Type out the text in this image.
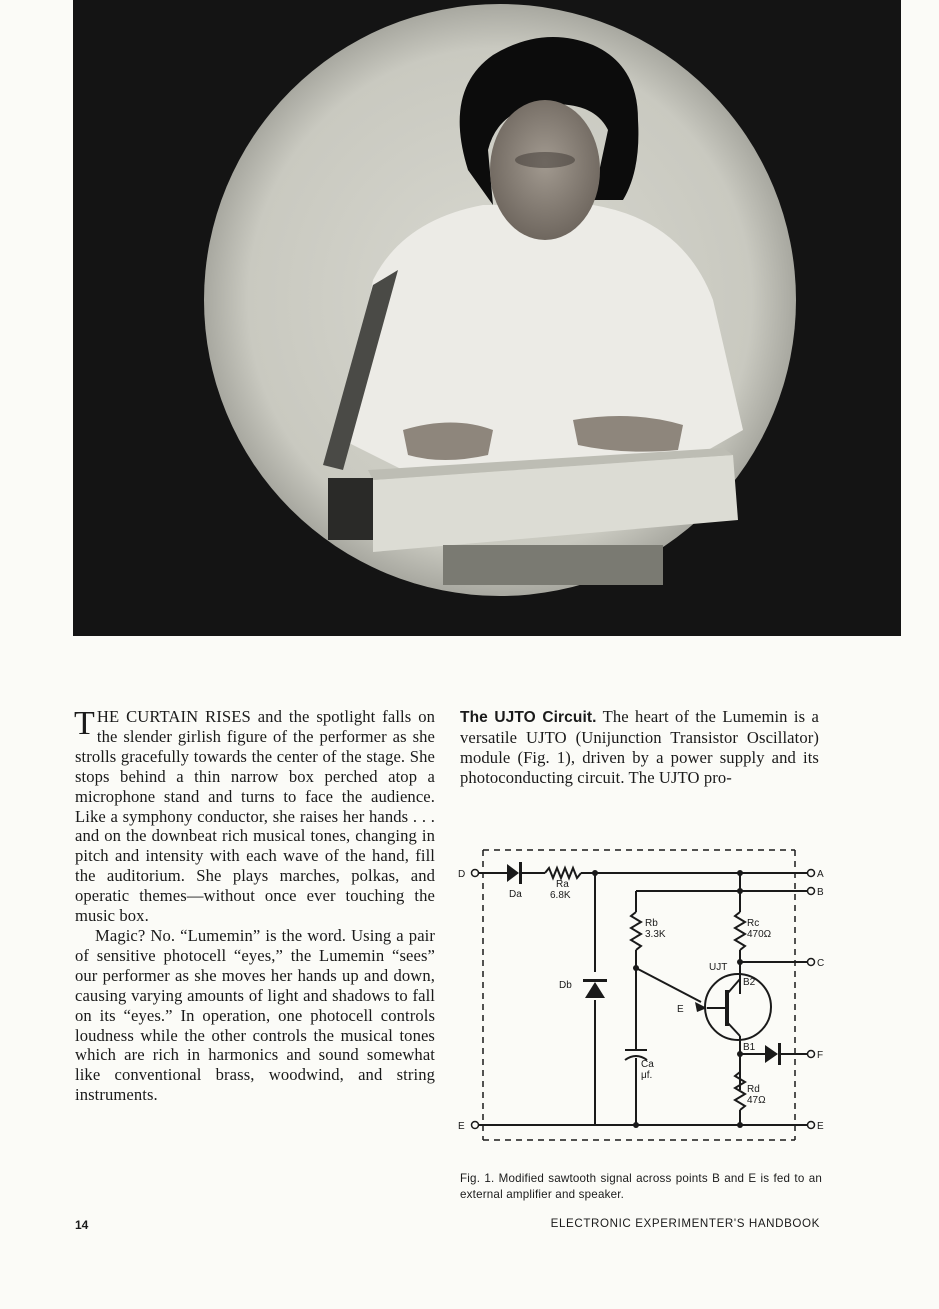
THE CURTAIN RISES and the spotlight falls on the slender girlish figure of the performer as she strolls gracefully towards the center of the stage. She stops behind a thin narrow box perched atop a microphone stand and turns to face the audience. Like a symphony conductor, she raises her hands . . . and on the downbeat rich musical tones, changing in pitch and intensity with each wave of the hand, fill the auditorium. She plays marches, polkas, and operatic themes—without once ever touching the music box.

Magic? No. “Lumemin” is the word. Using a pair of sensitive photocell “eyes,” the Lumemin “sees” our performer as she moves her hands up and down, causing varying amounts of light and shadows to fall on its “eyes.” In operation, one photocell controls loudness while the other controls the musical tones which are rich in harmonics and sound somewhat like conventional brass, woodwind, and string instruments.

The UJTO Circuit. The heart of the Lumemin is a versatile UJTO (Unijunction Transistor Oscillator) module (Fig. 1), driven by a power supply and its photoconducting circuit. The UJTO pro-

D
E
A
B
C
F
E
Da
Ra
6.8K
Rb
3.3K
Rc
470Ω
Db
Ca
μf.
UJT
B2
B1
E
Rd
47Ω
Fig. 1. Modified sawtooth signal across points B and E is fed to an external amplifier and speaker.
14	ELECTRONIC EXPERIMENTER'S HANDBOOK
